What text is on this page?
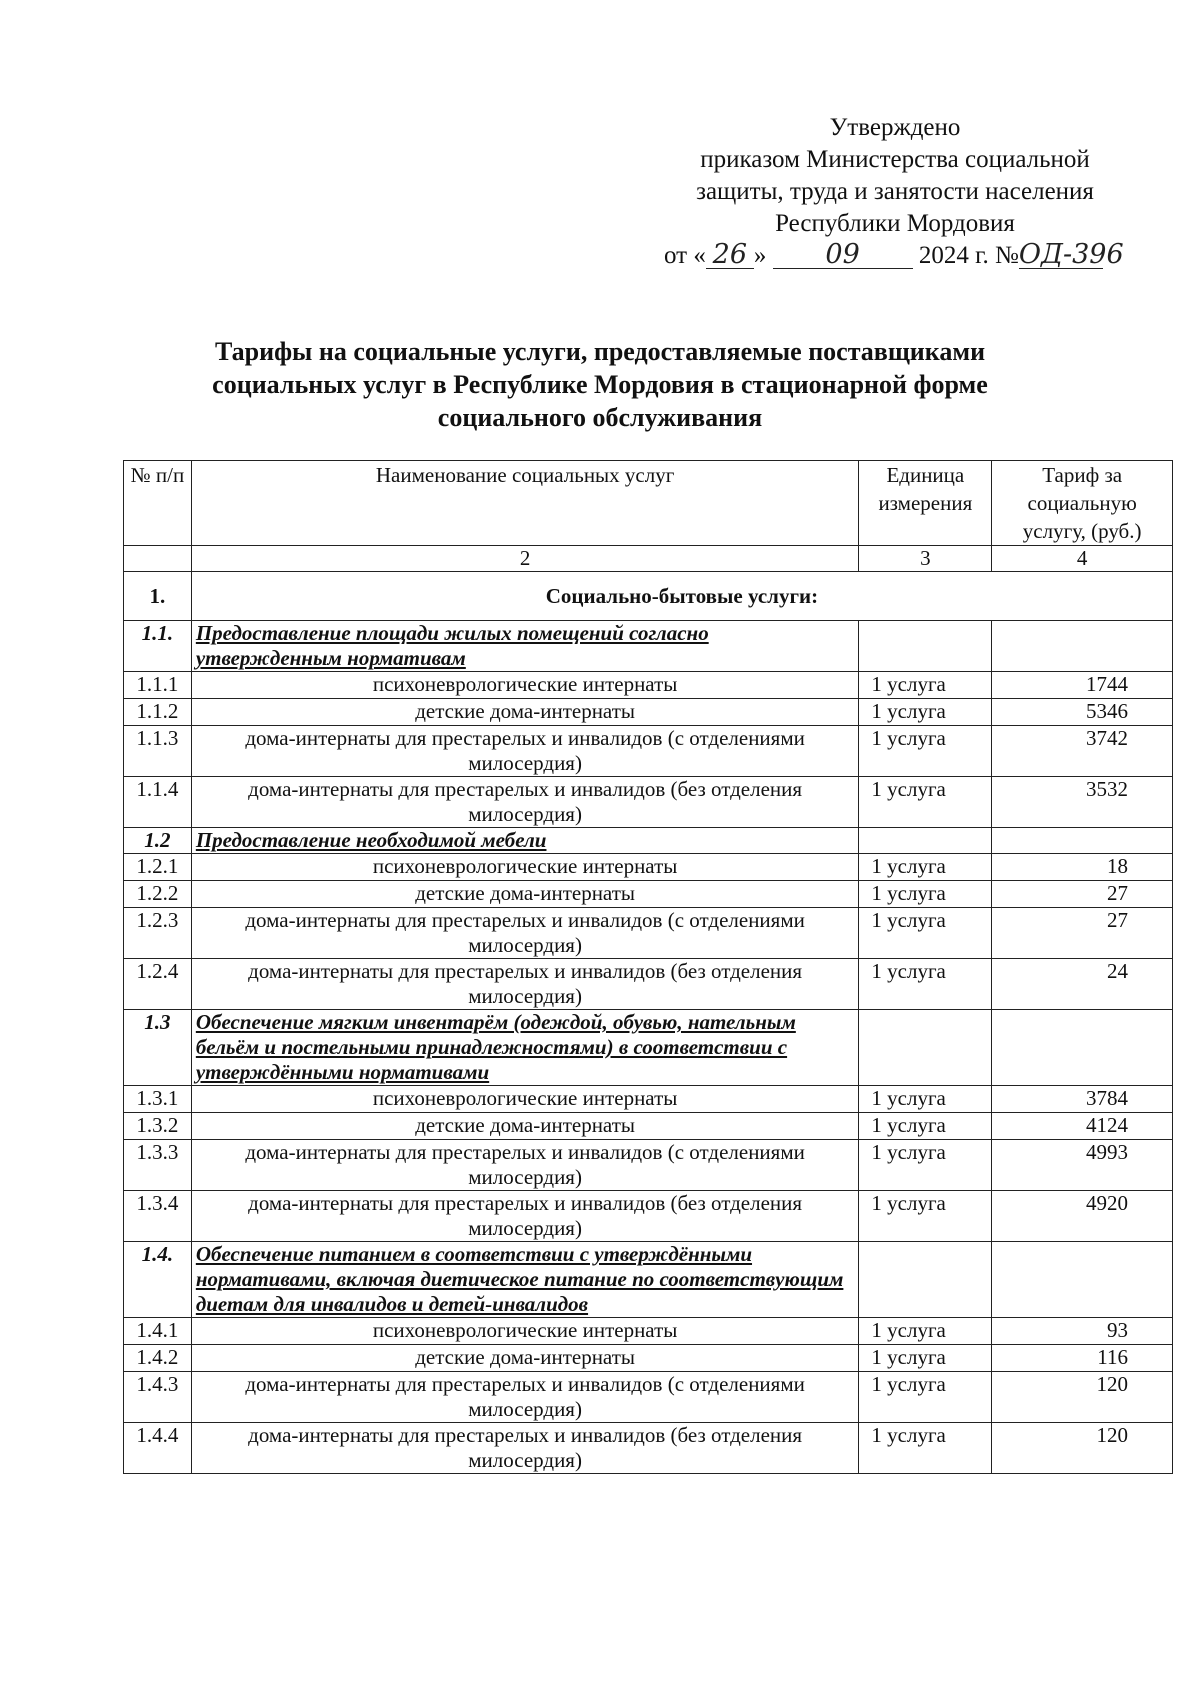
Утверждено
приказом Министерства социальной
защиты, труда и занятости населения
Республики Мордовия
от « 26 » 09 2024 г. №ОД-396
Тарифы на социальные услуги, предоставляемые поставщиками
социальных услуг в Республике Мордовия в стационарной форме
социального обслуживания
№ п/п	Наименование социальных услуг	Единица измерения	Тариф за социальную услугу, (руб.)
	2	3	4
1.	Социально-бытовые услуги:		
1.1.	Предоставление площади жилых помещений согласно утвержденным нормативам		
1.1.1	психоневрологические интернаты	1 услуга	1744
1.1.2	детские дома-интернаты	1 услуга	5346
1.1.3	дома-интернаты для престарелых и инвалидов (с отделениями милосердия)	1 услуга	3742
1.1.4	дома-интернаты для престарелых и инвалидов (без отделения милосердия)	1 услуга	3532
1.2	Предоставление необходимой мебели		
1.2.1	психоневрологические интернаты	1 услуга	18
1.2.2	детские дома-интернаты	1 услуга	27
1.2.3	дома-интернаты для престарелых и инвалидов (с отделениями милосердия)	1 услуга	27
1.2.4	дома-интернаты для престарелых и инвалидов (без отделения милосердия)	1 услуга	24
1.3	Обеспечение мягким инвентарём (одеждой, обувью, нательным бельём и постельными принадлежностями) в соответствии с утверждёнными нормативами		
1.3.1	психоневрологические интернаты	1 услуга	3784
1.3.2	детские дома-интернаты	1 услуга	4124
1.3.3	дома-интернаты для престарелых и инвалидов (с отделениями милосердия)	1 услуга	4993
1.3.4	дома-интернаты для престарелых и инвалидов (без отделения милосердия)	1 услуга	4920
1.4.	Обеспечение питанием в соответствии с утверждёнными нормативами, включая диетическое питание по соответствующим диетам для инвалидов и детей-инвалидов		
1.4.1	психоневрологические интернаты	1 услуга	93
1.4.2	детские дома-интернаты	1 услуга	116
1.4.3	дома-интернаты для престарелых и инвалидов (с отделениями милосердия)	1 услуга	120
1.4.4	дома-интернаты для престарелых и инвалидов (без отделения милосердия)	1 услуга	120
